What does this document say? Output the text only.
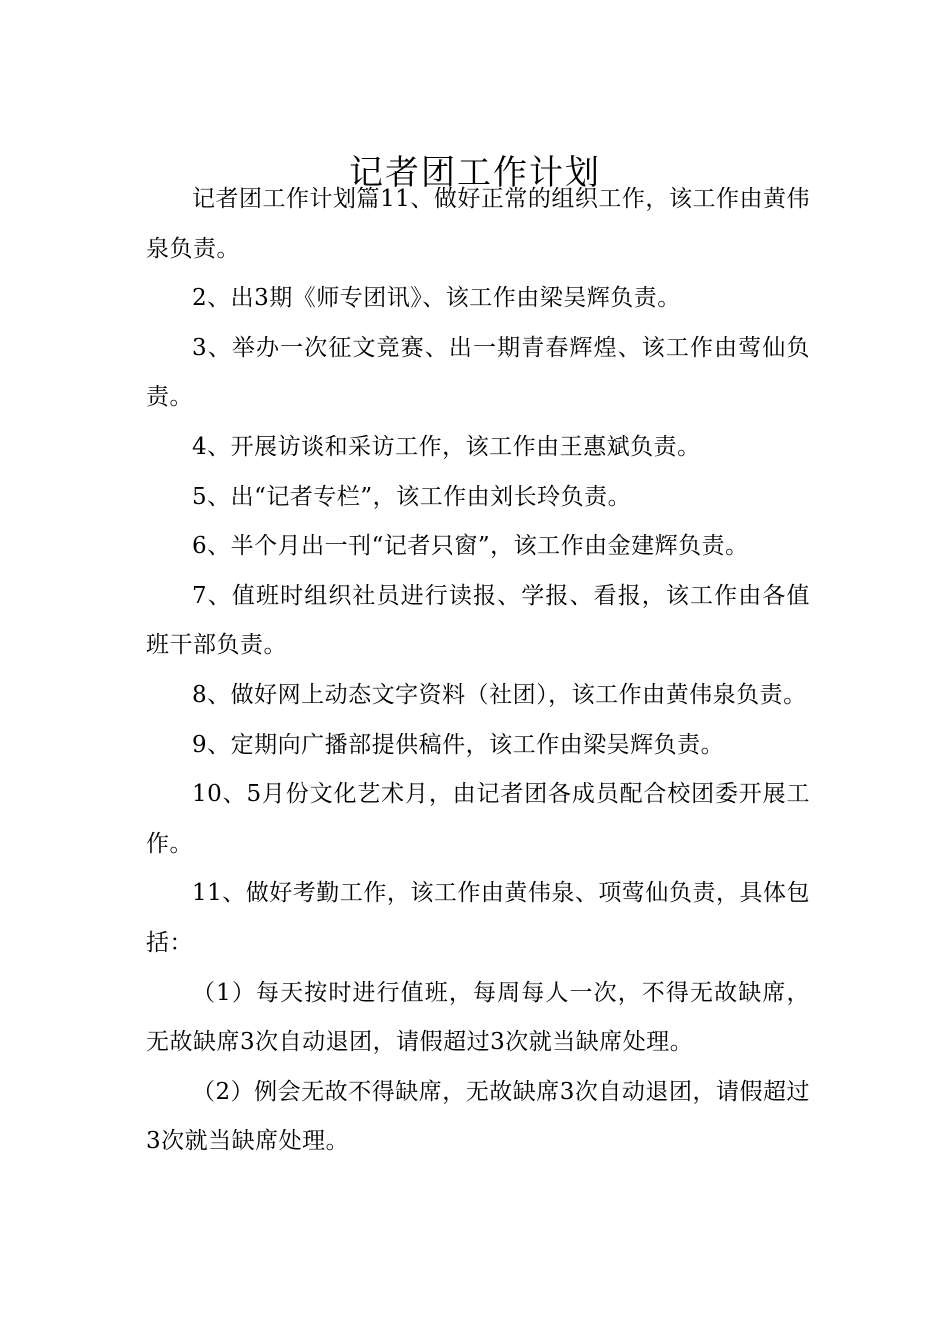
记者团工作计划

记者团工作计划篇11、做好正常的组织工作，该工作由黄伟泉负责。

2、出3期《师专团讯》、该工作由梁吴辉负责。

3、举办一次征文竞赛、出一期青春辉煌、该工作由莺仙负责。

4、开展访谈和采访工作，该工作由王惠斌负责。

5、出“记者专栏”，该工作由刘长玲负责。

6、半个月出一刊“记者只窗”，该工作由金建辉负责。

7、值班时组织社员进行读报、学报、看报，该工作由各值班干部负责。

8、做好网上动态文字资料（社团），该工作由黄伟泉负责。

9、定期向广播部提供稿件，该工作由梁吴辉负责。

10、5月份文化艺术月，由记者团各成员配合校团委开展工作。

11、做好考勤工作，该工作由黄伟泉、项莺仙负责，具体包括：

（1）每天按时进行值班，每周每人一次，不得无故缺席，无故缺席3次自动退团，请假超过3次就当缺席处理。

（2）例会无故不得缺席，无故缺席3次自动退团，请假超过3次就当缺席处理。
